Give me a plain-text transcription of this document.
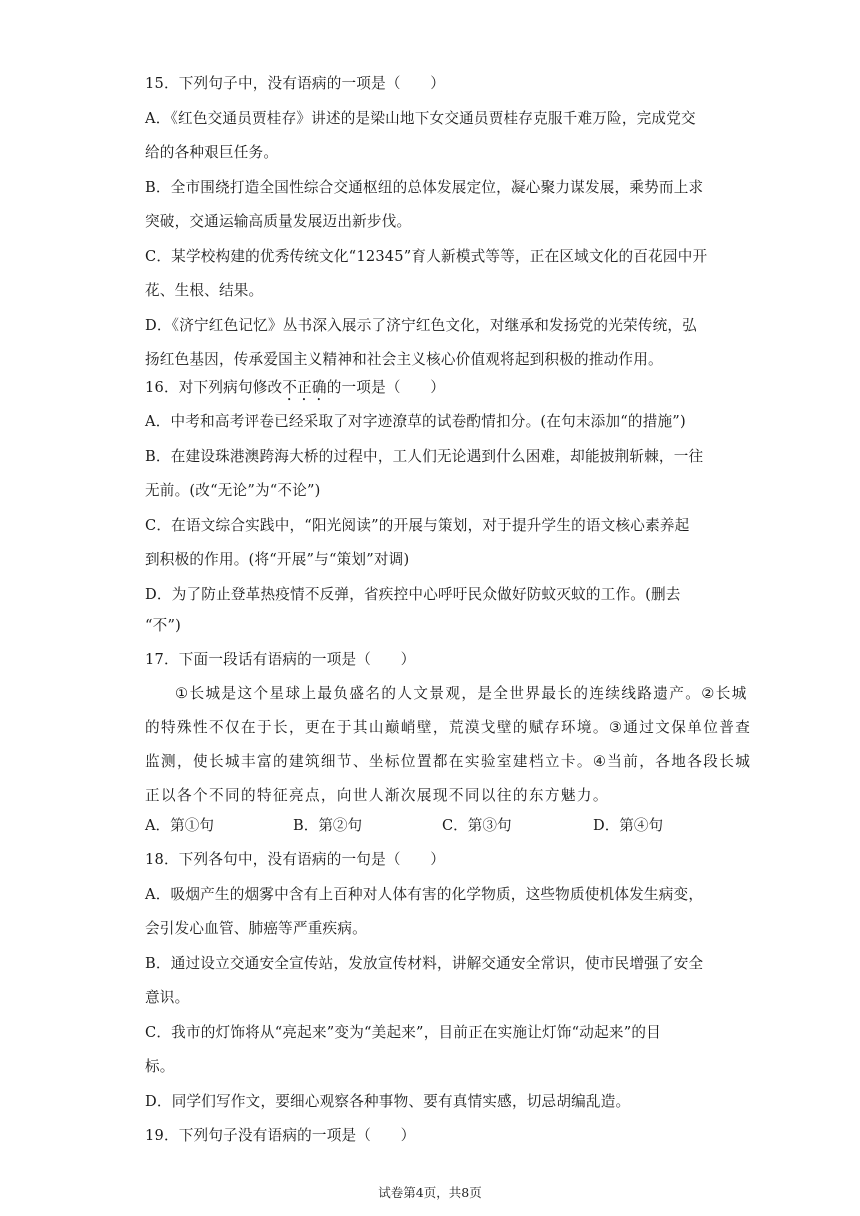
15．下列句子中，没有语病的一项是（　　）
A．《红色交通员贾桂存》讲述的是梁山地下女交通员贾桂存克服千难万险，完成党交
给的各种艰巨任务。
B．全市围绕打造全国性综合交通枢纽的总体发展定位，凝心聚力谋发展，乘势而上求
突破，交通运输高质量发展迈出新步伐。
C．某学校构建的优秀传统文化“12345”育人新模式等等，正在区域文化的百花园中开
花、生根、结果。
D．《济宁红色记忆》丛书深入展示了济宁红色文化，对继承和发扬党的光荣传统，弘
扬红色基因，传承爱国主义精神和社会主义核心价值观将起到积极的推动作用。
16．对下列病句修改不正确的一项是（　　）
A．中考和高考评卷已经采取了对字迹潦草的试卷酌情扣分。(在句末添加“的措施”)
B．在建设珠港澳跨海大桥的过程中，工人们无论遇到什么困难，却能披荆斩棘，一往
无前。(改“无论”为“不论”)
C．在语文综合实践中，“阳光阅读”的开展与策划，对于提升学生的语文核心素养起
到积极的作用。(将“开展”与“策划”对调)
D．为了防止登革热疫情不反弹，省疾控中心呼吁民众做好防蚊灭蚊的工作。(删去
“不”)
17．下面一段话有语病的一项是（　　）
①长城是这个星球上最负盛名的人文景观，是全世界最长的连续线路遗产。②长城
的特殊性不仅在于长，更在于其山巅峭壁，荒漠戈壁的赋存环境。③通过文保单位普查
监测，使长城丰富的建筑细节、坐标位置都在实验室建档立卡。④当前，各地各段长城
正以各个不同的特征亮点，向世人渐次展现不同以往的东方魅力。
A．第①句	B．第②句	C．第③句	D．第④句
18．下列各句中，没有语病的一句是（　　）
A．吸烟产生的烟雾中含有上百种对人体有害的化学物质，这些物质使机体发生病变，
会引发心血管、肺癌等严重疾病。
B．通过设立交通安全宣传站，发放宣传材料，讲解交通安全常识，使市民增强了安全
意识。
C．我市的灯饰将从“亮起来”变为“美起来”，目前正在实施让灯饰“动起来”的目
标。
D．同学们写作文，要细心观察各种事物、要有真情实感，切忌胡编乱造。
19．下列句子没有语病的一项是（　　）
试卷第4页，共8页
